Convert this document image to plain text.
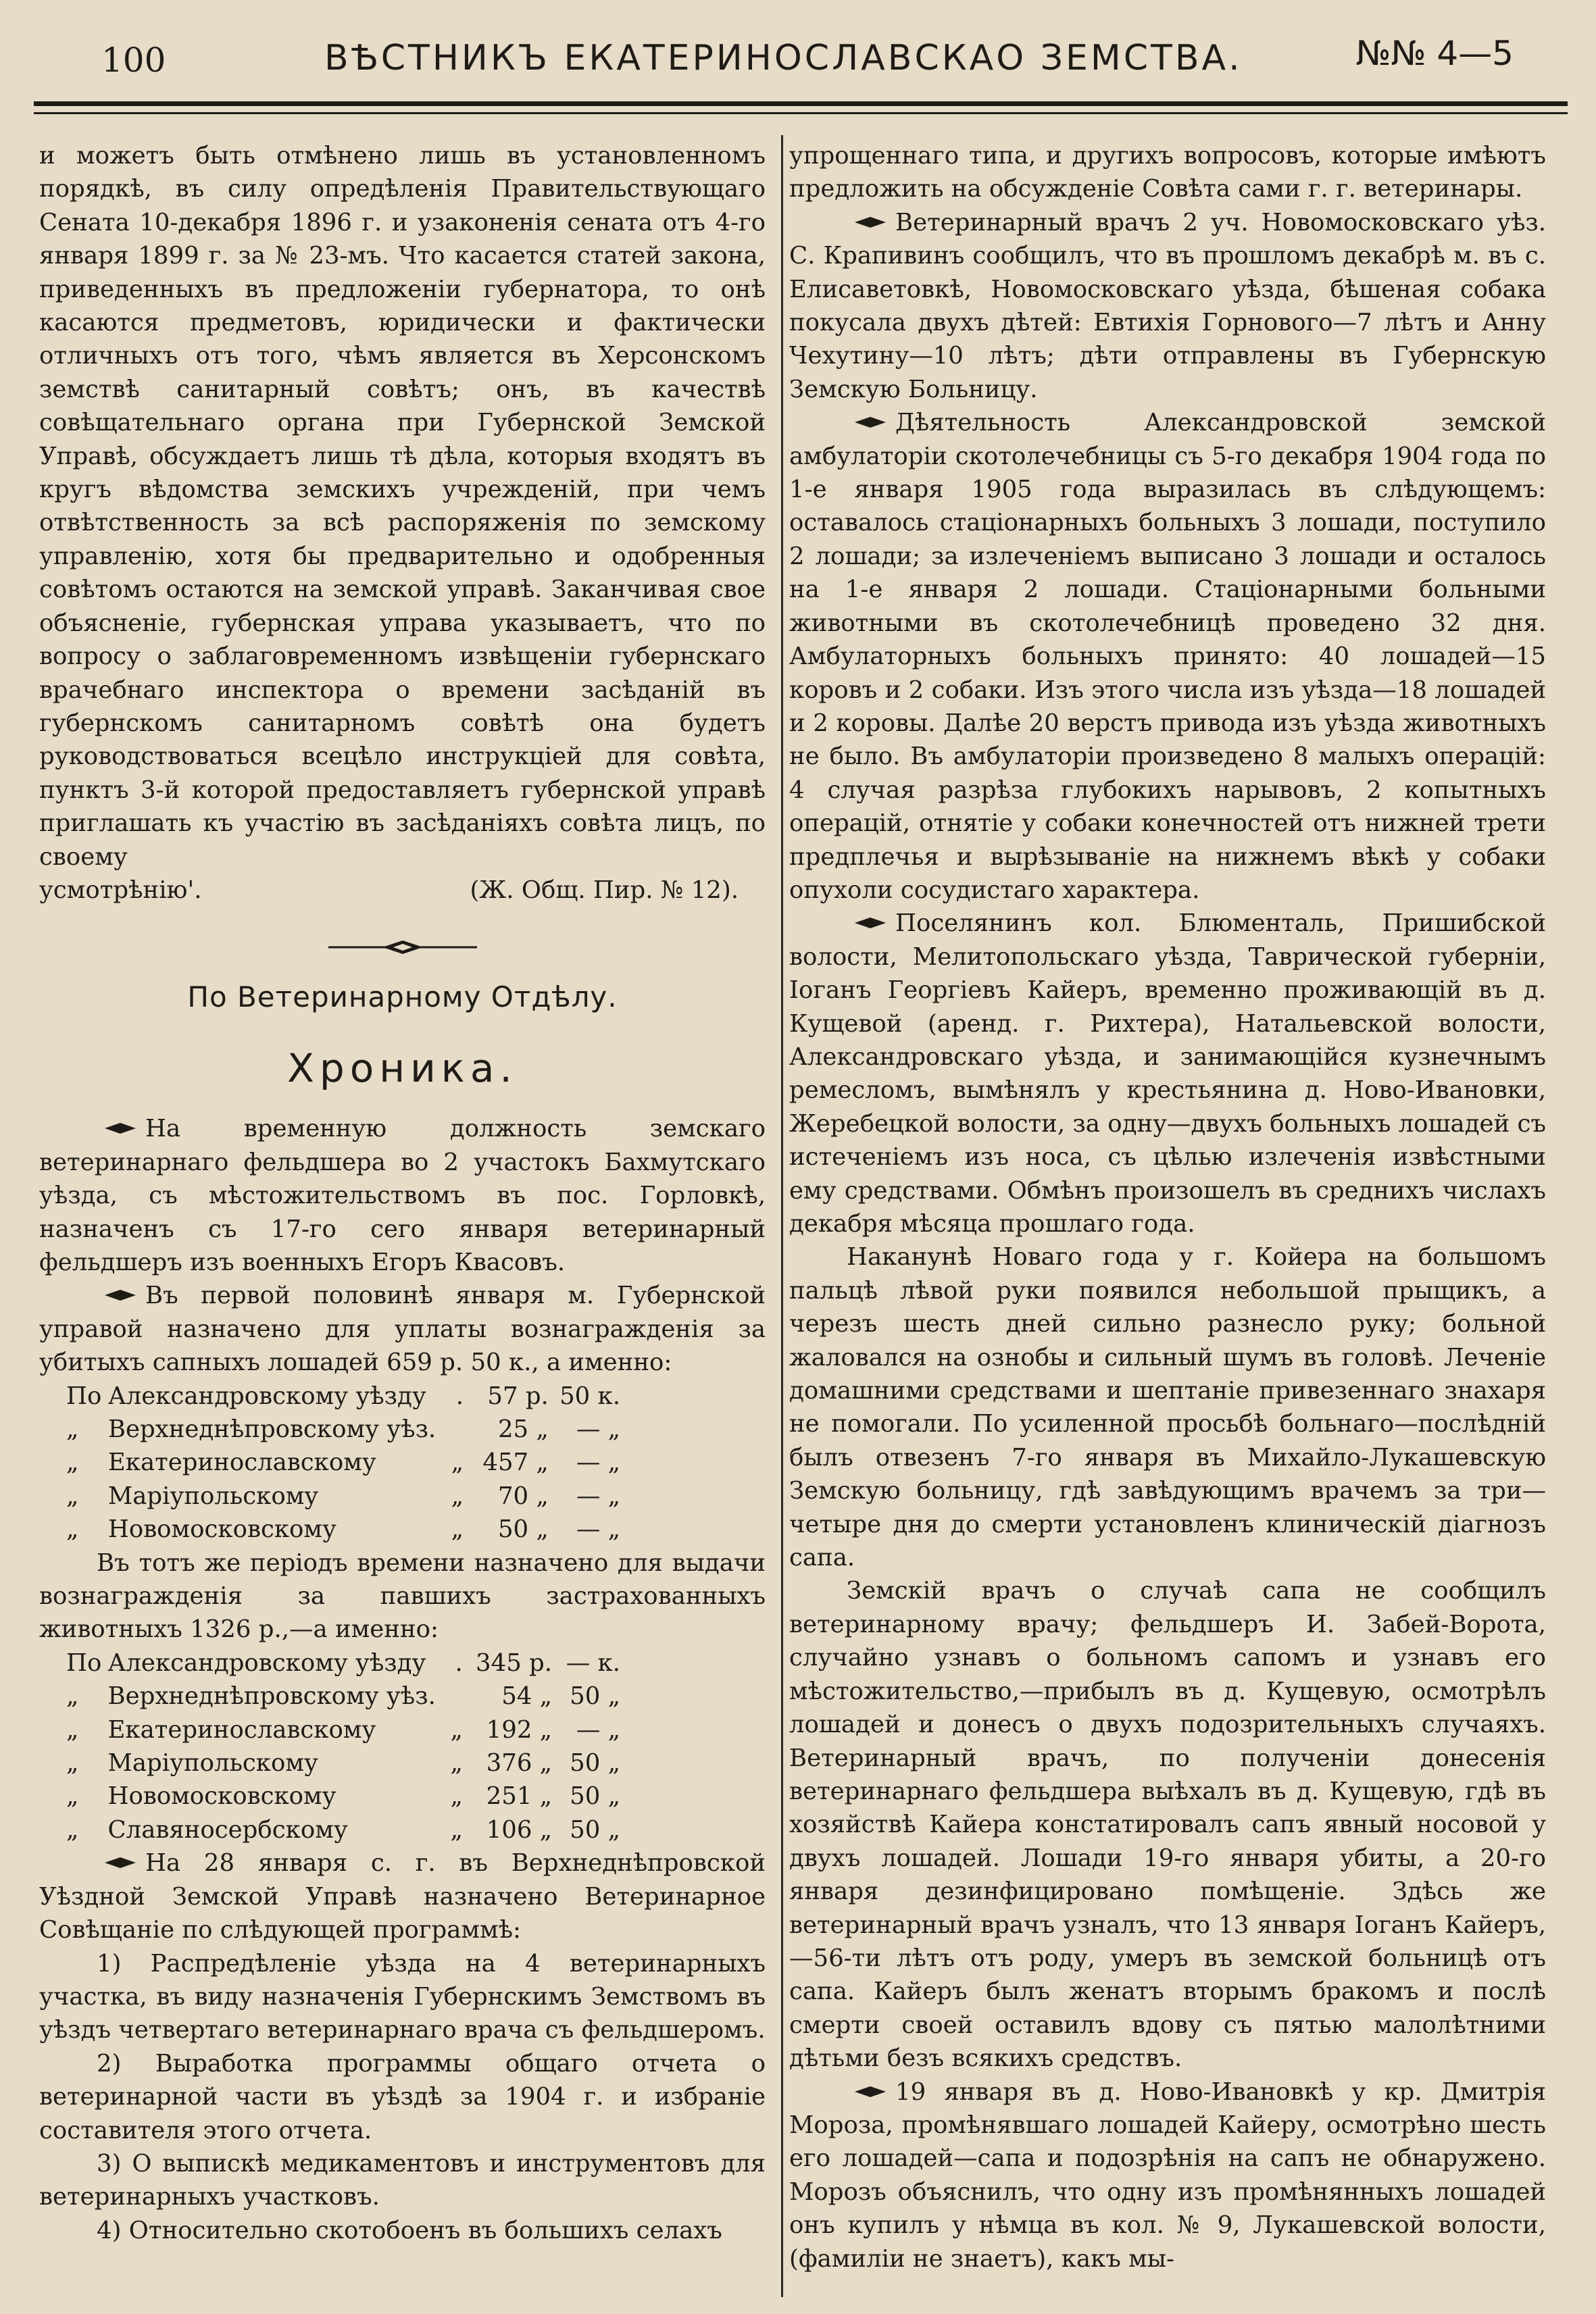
100	ВѢСТНИКЪ ЕКАТЕРИНОСЛАВСКАО ЗЕМСТВА.	№№ 4—5

и можетъ быть отмѣнено лишь въ установленномъ порядкѣ, въ силу опредѣленія Правительствующаго Сената 10-декабря 1896 г. и узаконенія сената отъ 4-го января 1899 г. за № 23-мъ. Что касается статей закона, приведенныхъ въ предложеніи губернатора, то онѣ касаются предметовъ, юридически и фактически отличныхъ отъ того, чѣмъ является въ Херсонскомъ земствѣ санитарный совѣтъ; онъ, въ качествѣ совѣщательнаго органа при Губернской Земской Управѣ, обсуждаетъ лишь тѣ дѣла, которыя входятъ въ кругъ вѣдомства земскихъ учрежденій, при чемъ отвѣтственность за всѣ распоряженія по земскому управленію, хотя бы предварительно и одобренныя совѣтомъ остаются на земской управѣ. Заканчивая свое объясненіе, губернская управа указываетъ, что по вопросу о заблаговременномъ извѣщеніи губернскаго врачебнаго инспектора о времени засѣданій въ губернскомъ санитарномъ совѣтѣ она будетъ руководствоваться всецѣло инструкціей для совѣта, пунктъ 3-й которой предоставляетъ губернской управѣ приглашать къ участію въ засѣданіяхъ совѣта лицъ, по своему

усмотрѣнію'.	(Ж. Общ. Пир. № 12).
По Ветеринарному Отдѣлу.
Хроника.

На временную должность земскаго ветеринарнаго фельдшера во 2 участокъ Бахмутскаго уѣзда, съ мѣстожительствомъ въ пос. Горловкѣ, назначенъ съ 17-го сего января ветеринарный фельдшеръ изъ военныхъ Егоръ Квасовъ.

Въ первой половинѣ января м. Губернской управой назначено для уплаты вознагражденія за убитыхъ сапныхъ лошадей 659 р. 50 к., а именно:

По	Александровскому уѣзду	.	57 р.	50 к.
„	Верхнеднѣпровскому уѣз.		25 „	— „
„	Екатеринославскому	„	457 „	— „
„	Маріупольскому	„	70 „	— „
„	Новомосковскому	„	50 „	— „

Въ тотъ же періодъ времени назначено для выдачи вознагражденія за павшихъ застрахованныхъ животныхъ 1326 р.,—а именно:

По	Александровскому уѣзду	.	345 р.	— к.
„	Верхнеднѣпровскому уѣз.		54 „	50 „
„	Екатеринославскому	„	192 „	— „
„	Маріупольскому	„	376 „	50 „
„	Новомосковскому	„	251 „	50 „
„	Славяносербскому	„	106 „	50 „

На 28 января с. г. въ Верхнеднѣпровской Уѣздной Земской Управѣ назначено Ветеринарное Совѣщаніе по слѣдующей программѣ:

1) Распредѣленіе уѣзда на 4 ветеринарныхъ участка, въ виду назначенія Губернскимъ Земствомъ въ уѣздъ четвертаго ветеринарнаго врача съ фельдшеромъ.

2) Выработка программы общаго отчета о ветеринарной части въ уѣздѣ за 1904 г. и избраніе составителя этого отчета.

3) О выпискѣ медикаментовъ и инструментовъ для ветеринарныхъ участковъ.

4) Относительно скотобоенъ въ большихъ селахъ

упрощеннаго типа, и другихъ вопросовъ, которые имѣютъ предложить на обсужденіе Совѣта сами г. г. ветеринары.

Ветеринарный врачъ 2 уч. Новомосковскаго уѣз. С. Крапивинъ сообщилъ, что въ прошломъ декабрѣ м. въ с. Елисаветовкѣ, Новомосковскаго уѣзда, бѣшеная собака покусала двухъ дѣтей: Евтихія Горнового—7 лѣтъ и Анну Чехутину—10 лѣтъ; дѣти отправлены въ Губернскую Земскую Больницу.

Дѣятельность Александровской земской амбулаторіи скотолечебницы съ 5-го декабря 1904 года по 1-е января 1905 года выразилась въ слѣдующемъ: оставалось стаціонарныхъ больныхъ 3 лошади, поступило 2 лошади; за излеченіемъ выписано 3 лошади и осталось на 1-е января 2 лошади. Стаціонарными больными животными въ скотолечебницѣ проведено 32 дня. Амбулаторныхъ больныхъ принято: 40 лошадей—15 коровъ и 2 собаки. Изъ этого числа изъ уѣзда—18 лошадей и 2 коровы. Далѣе 20 верстъ привода изъ уѣзда животныхъ не было. Въ амбулаторіи произведено 8 малыхъ операцій: 4 случая разрѣза глубокихъ нарывовъ, 2 копытныхъ операцій, отнятіе у собаки конечностей отъ нижней трети предплечья и вырѣзываніе на нижнемъ вѣкѣ у собаки опухоли сосудистаго характера.

Поселянинъ кол. Блюменталь, Пришибской волости, Мелитопольскаго уѣзда, Таврической губерніи, Іоганъ Георгіевъ Кайеръ, временно проживающій въ д. Кущевой (аренд. г. Рихтера), Натальевской волости, Александровскаго уѣзда, и занимающійся кузнечнымъ ремесломъ, вымѣнялъ у крестьянина д. Ново-Ивановки, Жеребецкой волости, за одну—двухъ больныхъ лошадей съ истеченіемъ изъ носа, съ цѣлью излеченія извѣстными ему средствами. Обмѣнъ произошелъ въ среднихъ числахъ декабря мѣсяца прошлаго года.

Наканунѣ Новаго года у г. Койера на большомъ пальцѣ лѣвой руки появился небольшой прыщикъ, а черезъ шесть дней сильно разнесло руку; больной жаловался на ознобы и сильный шумъ въ головѣ. Леченіе домашними средствами и шептаніе привезеннаго знахаря не помогали. По усиленной просьбѣ больнаго—послѣдній былъ отвезенъ 7-го января въ Михайло-Лукашевскую Земскую больницу, гдѣ завѣдующимъ врачемъ за три—четыре дня до смерти установленъ клиническій діагнозъ сапа.

Земскій врачъ о случаѣ сапа не сообщилъ ветеринарному врачу; фельдшеръ И. Забей-Ворота, случайно узнавъ о больномъ сапомъ и узнавъ его мѣстожительство,—прибылъ въ д. Кущевую, осмотрѣлъ лошадей и донесъ о двухъ подозрительныхъ случаяхъ. Ветеринарный врачъ, по полученіи донесенія ветеринарнаго фельдшера выѣхалъ въ д. Кущевую, гдѣ въ хозяйствѣ Кайера констатировалъ сапъ явный носовой у двухъ лошадей. Лошади 19-го января убиты, а 20-го января дезинфицировано помѣщеніе. Здѣсь же ветеринарный врачъ узналъ, что 13 января Іоганъ Кайеръ,—56-ти лѣтъ отъ роду, умеръ въ земской больницѣ отъ сапа. Кайеръ былъ женатъ вторымъ бракомъ и послѣ смерти своей оставилъ вдову съ пятью малолѣтними дѣтьми безъ всякихъ средствъ.

19 января въ д. Ново-Ивановкѣ у кр. Дмитрія Мороза, промѣнявшаго лошадей Кайеру, осмотрѣно шесть его лошадей—сапа и подозрѣнія на сапъ не обнаружено. Морозъ объяснилъ, что одну изъ промѣнянныхъ лошадей онъ купилъ у нѣмца въ кол. № 9, Лукашевской волости, (фамиліи не знаетъ), какъ мы-
